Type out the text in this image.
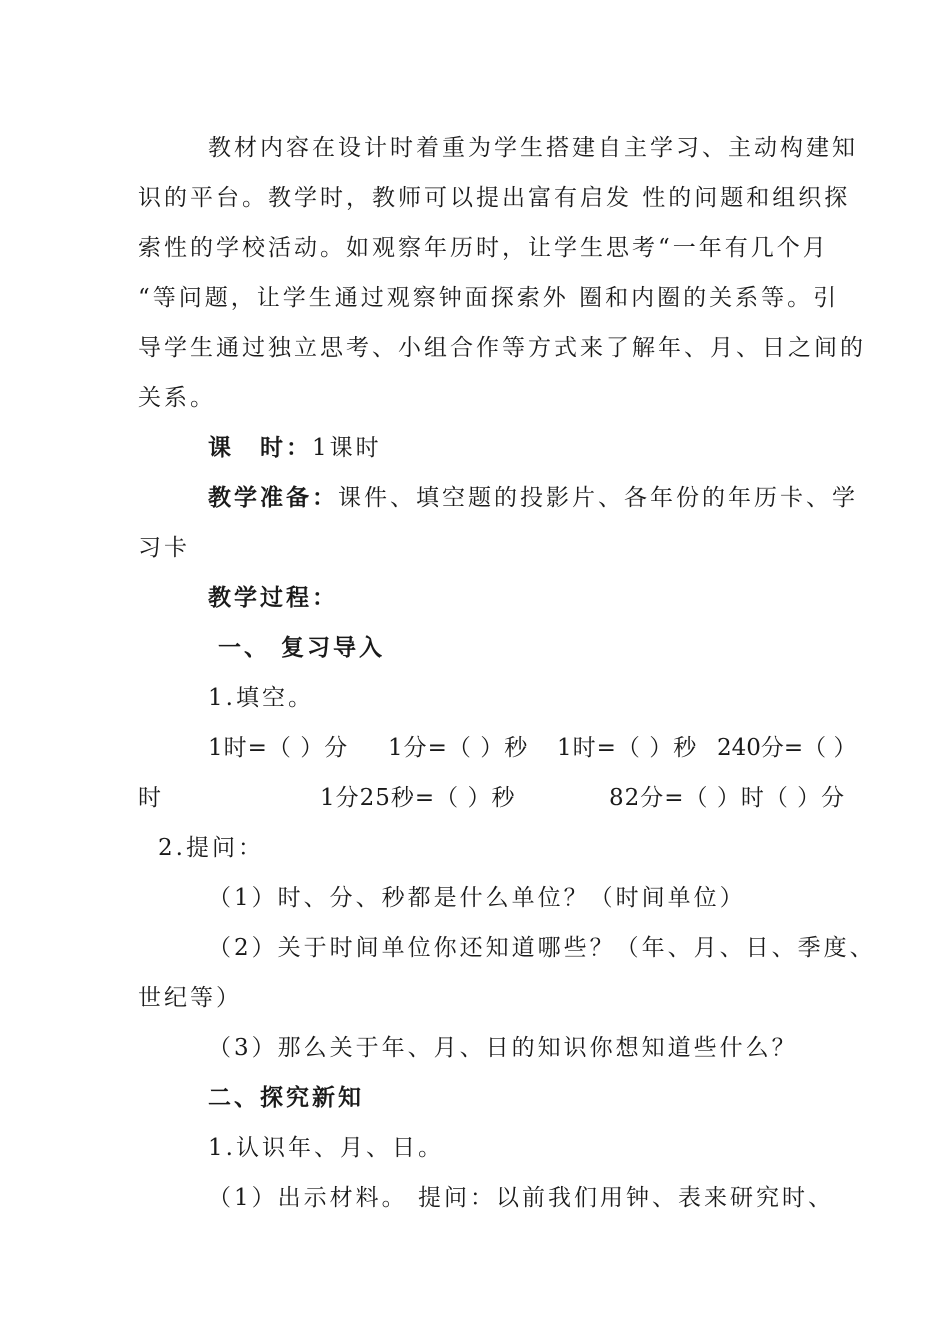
教材内容在设计时着重为学生搭建自主学习、主动构建知
识的平台。教学时，教师可以提出富有启发 性的问题和组织探
索性的学校活动。如观察年历时，让学生思考“一年有几个月
“等问题，让学生通过观察钟面探索外 圈和内圈的关系等。引
导学生通过独立思考、小组合作等方式来了解年、月、日之间的
关系。
课　时：1课时
教学准备：课件、填空题的投影片、各年份的年历卡、学
习卡
教学过程：
一、 复习导入
1.填空。
1时=（ ）分 1分=（ ）秒 1时=（ ）秒 240分=（ ）
时	1分25秒=（ ）秒	82分=（ ）时（ ）分
2.提问：
（1）时、分、秒都是什么单位？（时间单位）
（2）关于时间单位你还知道哪些？（年、月、日、季度、
世纪等）
（3）那么关于年、月、日的知识你想知道些什么？
二、探究新知
1.认识年、月、日。
（1）出示材料。 提问：以前我们用钟、表来研究时、
